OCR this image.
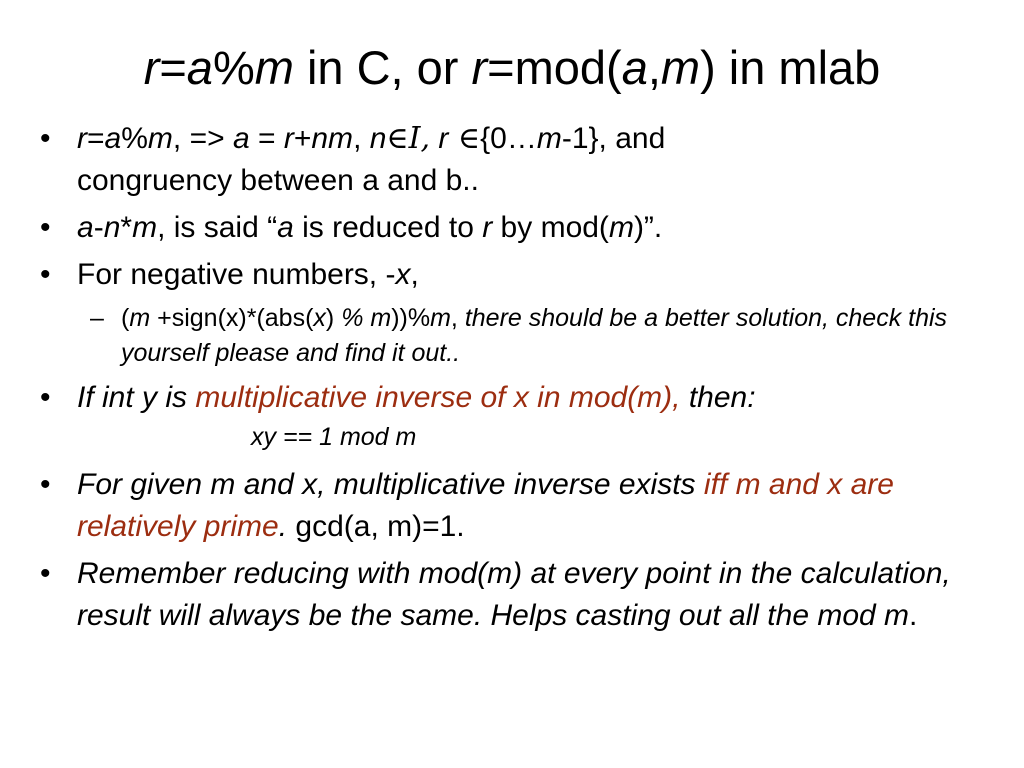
r=a%m in C, or r=mod(a,m) in mlab
• r=a%m, => a = r+nm, n∈I, r ∈{0…m-1}, and
congruency between a and b..
• a-n*m, is said “a is reduced to r by mod(m)”.
• For negative numbers, -x,
– (m +sign(x)*(abs(x) % m))%m, there should be a better solution, check this yourself please and find it out..
• If int y is multiplicative inverse of x in mod(m), then:
xy == 1 mod m
• For given m and x, multiplicative inverse exists iff m and x are relatively prime. gcd(a, m)=1.
• Remember reducing with mod(m) at every point in the calculation, result will always be the same. Helps casting out all the mod m.
